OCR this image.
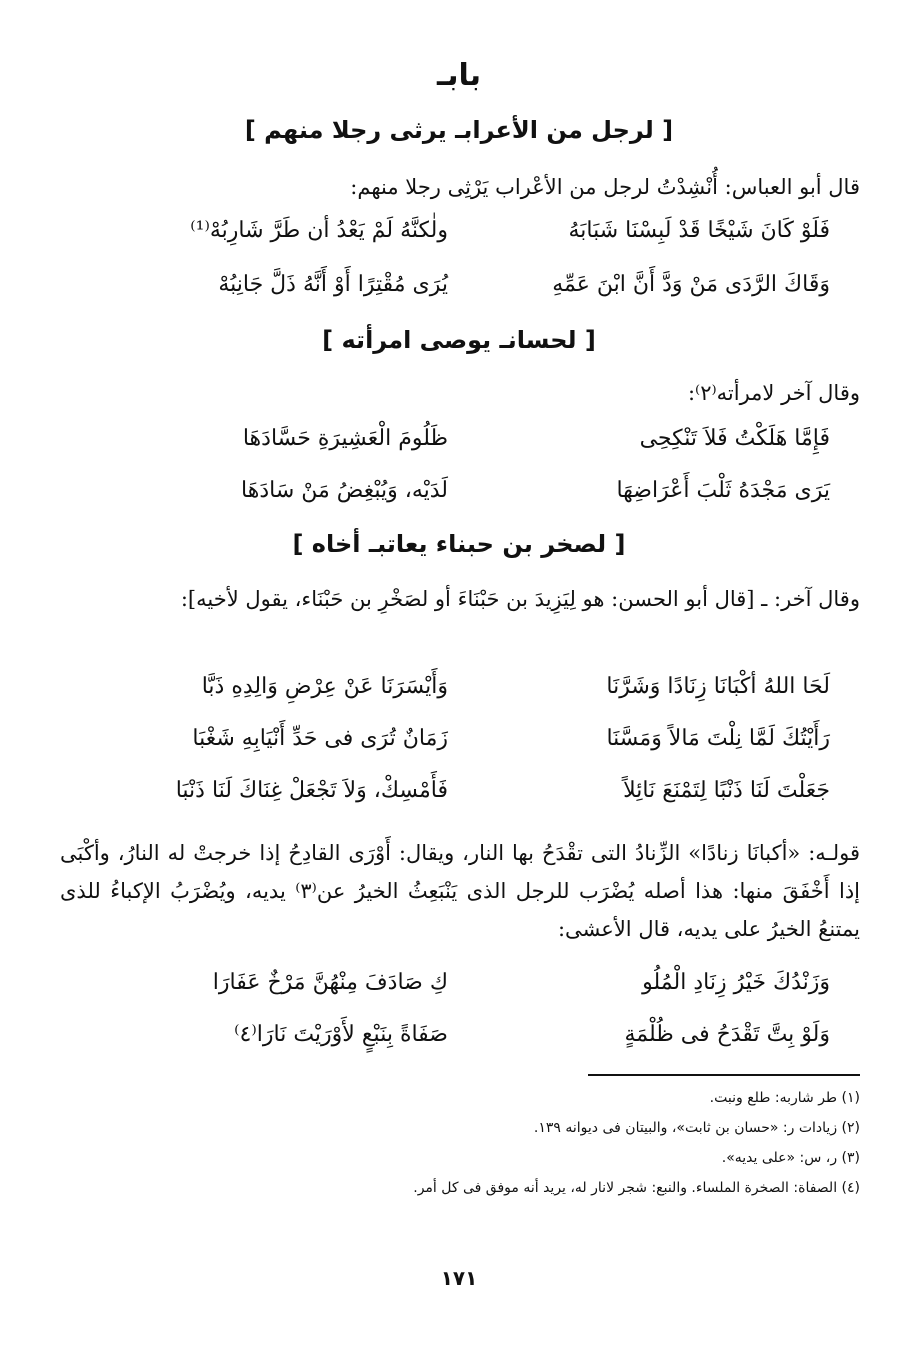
بابـ
[ لرجل من الأعرابـ يرثى رجلا منهم ]
قال أبو العباس: أُنْشِدْتُ لرجل من الأعْراب يَرْثِى رجلا منهم:
فَلَوْ كَانَ شَيْخًا قَدْ لَبِسْنَا شَبَابَهُ
ولٰكنَّهُ لَمْ يَعْدُ أن طَرَّ شَارِبُهْ⁽¹⁾
وَقَاكَ الرَّدَى مَنْ وَدَّ أَنَّ ابْنَ عَمِّهِ
يُرَى مُقْتِرًا أَوْ أَنَّهُ ذَلَّ جَانِبُهْ
[ لحسانـ يوصى امرأته ]
وقال آخر لامرأته⁽٢⁾:
فَإِمَّا هَلَكْتُ فَلاَ تَنْكِحِى
ظَلُومَ الْعَشِيرَةِ حَسَّادَهَا
يَرَى مَجْدَهُ ثَلْبَ أَعْرَاضِهَا
لَدَيْه، وَيُبْغِضُ مَنْ سَادَهَا
[ لصخر بن حبناء يعاتبـ أخاه ]
وقال آخر: ـ [قال أبو الحسن: هو لِيَزِيدَ بن حَبْنَاءَ أو لصَخْرِ بن حَبْنَاء، يقول لأخيه]:
لَحَا اللهُ أكْبَانَا زِنَادًا وَشَرَّنَا
وَأَيْسَرَنَا عَنْ عِرْضِ وَالِدِهِ ذَبَّا
رَأَيْتُكَ لَمَّا نِلْتَ مَالاً وَمَسَّنَا
زَمَانٌ تُرَى فى حَدِّ أَنْيَابِهِ شَغْبَا
جَعَلْتَ لَنَا ذَنْبًا لِتَمْنَعَ نَائِلاً
فَأَمْسِكْ، وَلاَ تَجْعَلْ غِنَاكَ لَنَا ذَنْبَا
قولـه: «أكبانَا زنادًا» الزِّنادُ التى تقْدَحُ بها النار، ويقال: أَوْرَى القادِحُ إذا خرجتْ له النارُ، وأكْبَى إذا أَخْفَقَ منها: هذا أصله يُضْرَب للرجل الذى يَنْبَعِثُ الخيرُ عن⁽٣⁾ يديه، ويُضْرَبُ الإكباءُ للذى يمتنعُ الخيرُ على يديه، قال الأعشى:
وَزَنْدُكَ خَيْرُ زِنَادِ الْمُلُو
كِ صَادَفَ مِنْهُنَّ مَرْخٌ عَفَارَا
وَلَوْ بِتَّ تَقْدَحُ فى ظُلْمَةٍ
صَفَاةً بِنَبْعٍ لأَوْرَيْتَ نَارَا⁽٤⁾
(١) طر شاربه: طلع ونبت.
(٢) زيادات ر: «حسان بن ثابت»، والبيتان فى ديوانه ١٣٩.
(٣) ر، س: «على يديه».
(٤) الصفاة: الصخرة الملساء. والنبع: شجر لانار له، يريد أنه موفق فى كل أمر.
١٧١
